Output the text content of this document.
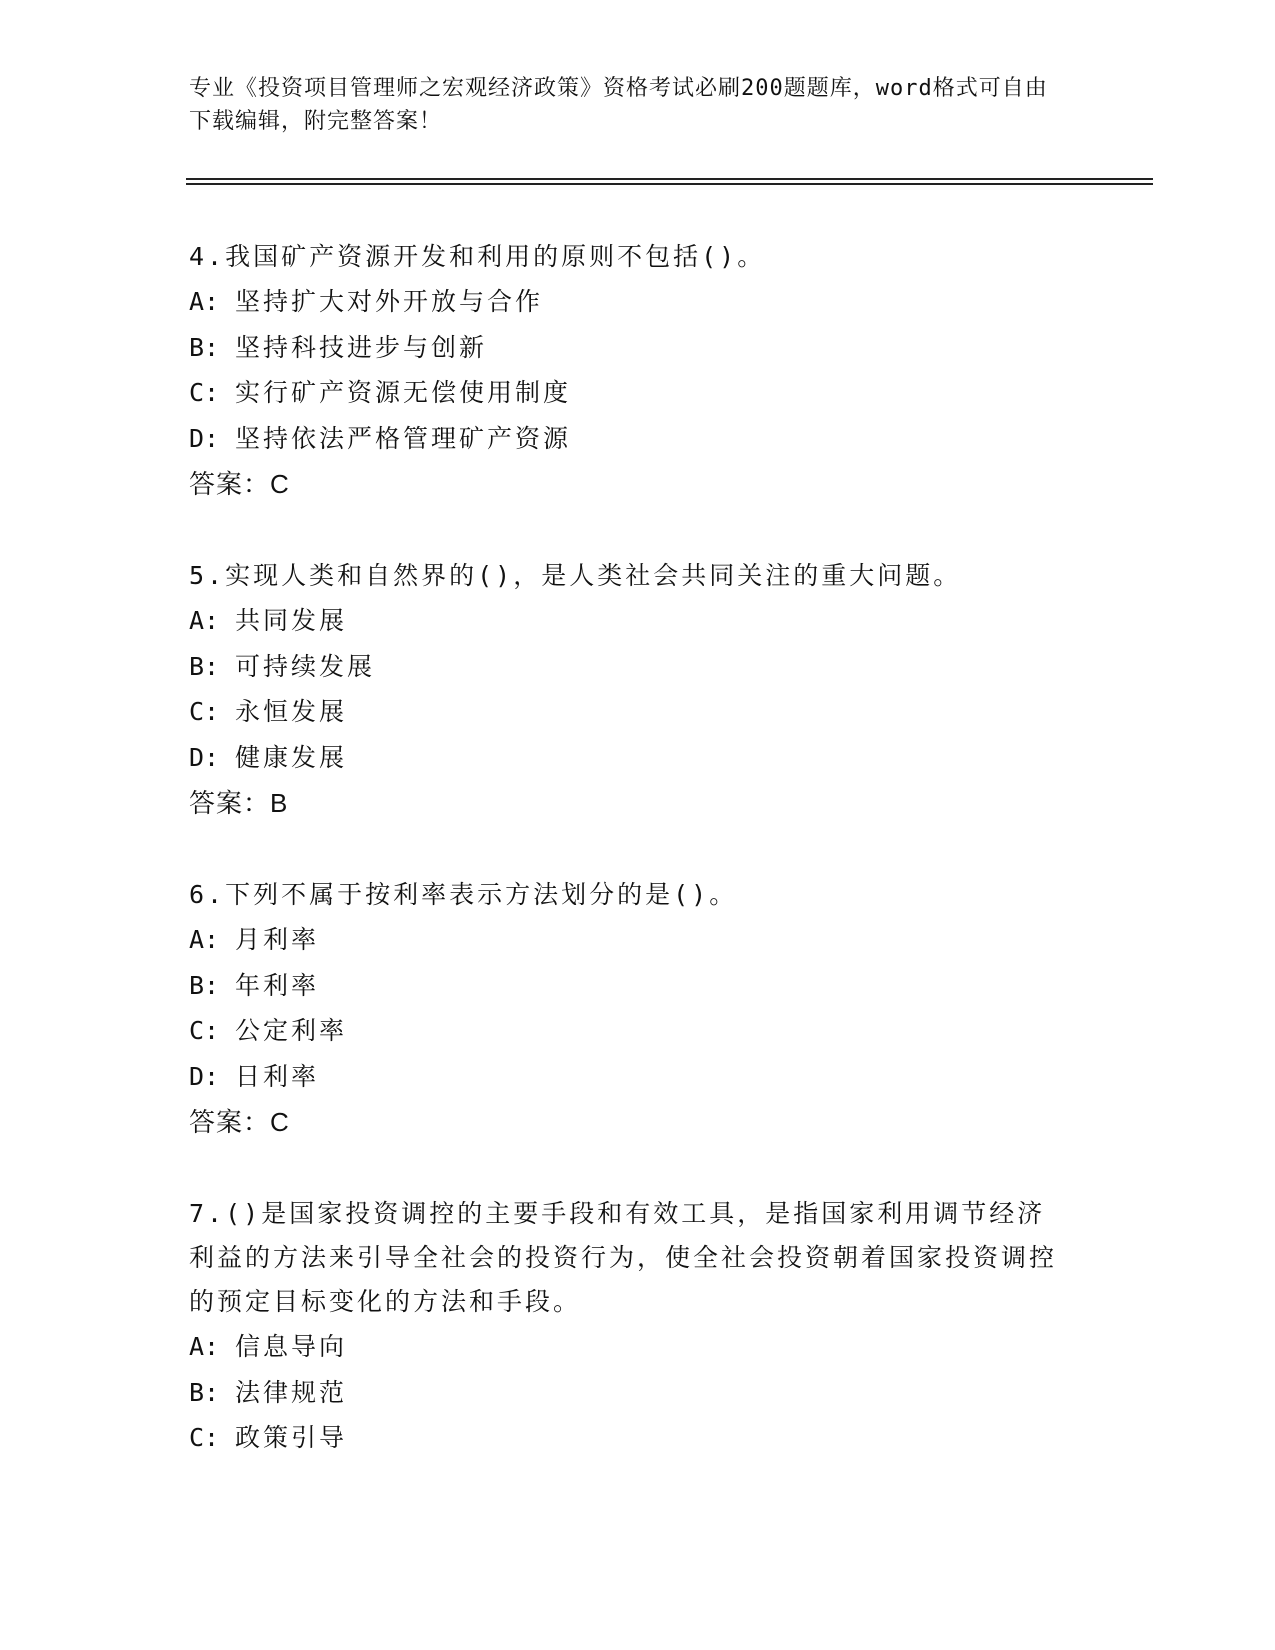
专业《投资项目管理师之宏观经济政策》资格考试必刷200题题库，word格式可自由下载编辑，附完整答案！

4.我国矿产资源开发和利用的原则不包括()。

A: 坚持扩大对外开放与合作

B: 坚持科技进步与创新

C: 实行矿产资源无偿使用制度

D: 坚持依法严格管理矿产资源

答案：C

5.实现人类和自然界的()，是人类社会共同关注的重大问题。

A: 共同发展

B: 可持续发展

C: 永恒发展

D: 健康发展

答案：B

6.下列不属于按利率表示方法划分的是()。

A: 月利率

B: 年利率

C: 公定利率

D: 日利率

答案：C

7.()是国家投资调控的主要手段和有效工具，是指国家利用调节经济利益的方法来引导全社会的投资行为，使全社会投资朝着国家投资调控的预定目标变化的方法和手段。

A: 信息导向

B: 法律规范

C: 政策引导
